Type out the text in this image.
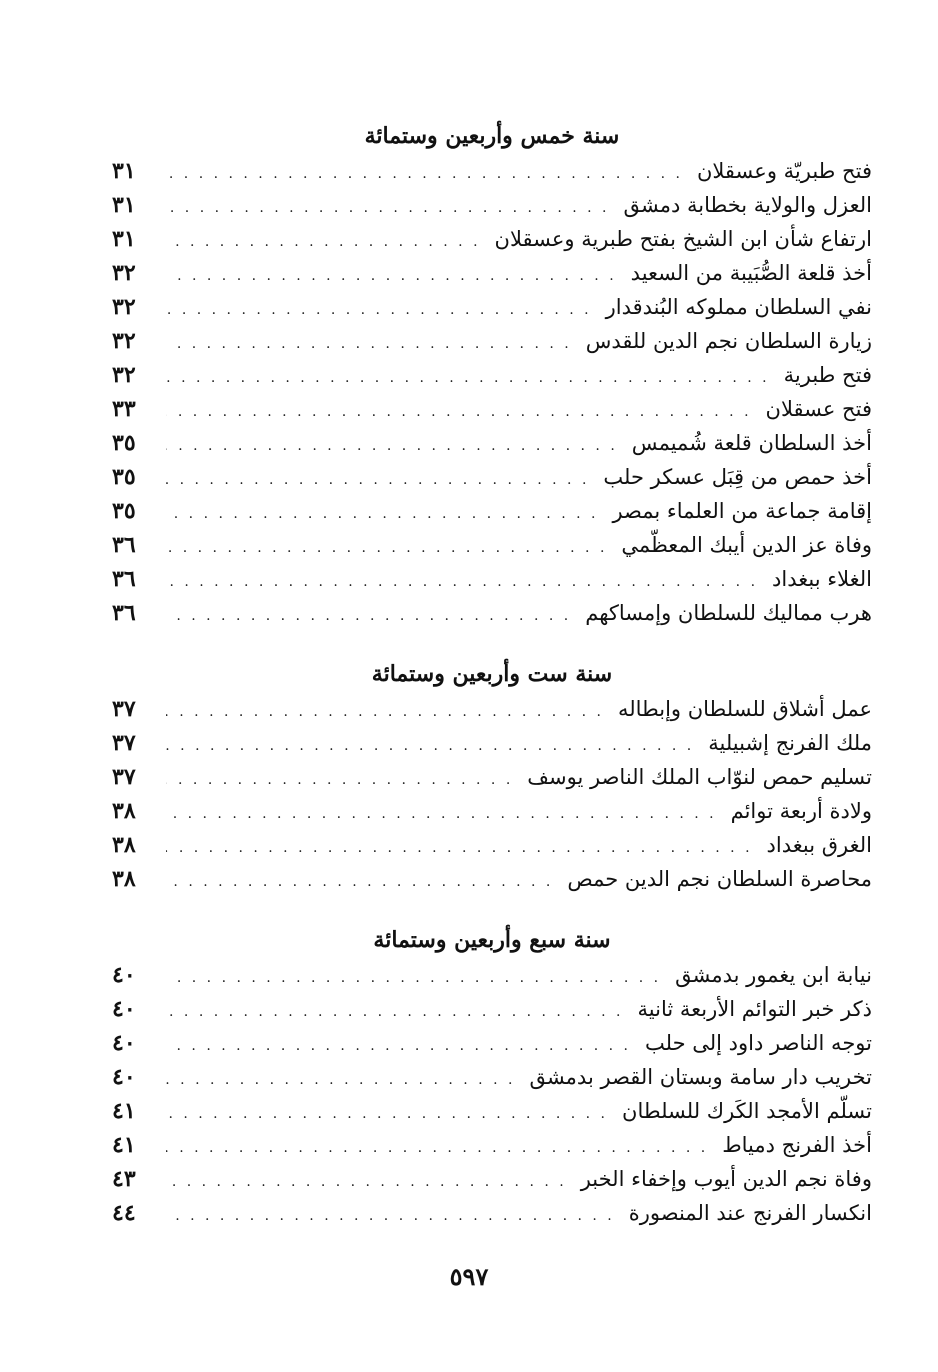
سنة خمس وأربعين وستمائة
فتح طبريّة وعسقلان
. . .
٣١
العزل والولاية بخطابة دمشق
. . .
٣١
ارتفاع شأن ابن الشيخ بفتح طبرية وعسقلان
. . .
٣١
أخذ قلعة الصُّبَيبة من السعيد
. . .
٣٢
نفي السلطان مملوكه البُندقدار
. . .
٣٢
زيارة السلطان نجم الدين للقدس
. . .
٣٢
فتح طبرية
. . .
٣٢
فتح عسقلان
. . .
٣٣
أخذ السلطان قلعة شُميمس
. . .
٣٥
أخذ حمص من قِبَل عسكر حلب
. . .
٣٥
إقامة جماعة من العلماء بمصر
. . .
٣٥
وفاة عز الدين أيبك المعظّمي
. . .
٣٦
الغلاء ببغداد
. . .
٣٦
هرب مماليك للسلطان وإمساكهم
. . .
٣٦
سنة ست وأربعين وستمائة
عمل أشلاق للسلطان وإبطاله
. . .
٣٧
ملك الفرنج إشبيلية
. . .
٣٧
تسليم حمص لنوّاب الملك الناصر يوسف
. . .
٣٧
ولادة أربعة توائم
. . .
٣٨
الغرق ببغداد
. . .
٣٨
محاصرة السلطان نجم الدين حمص
. . .
٣٨
سنة سبع وأربعين وستمائة
نيابة ابن يغمور بدمشق
. . .
٤٠
ذكر خبر التوائم الأربعة ثانية
. . .
٤٠
توجه الناصر داود إلى حلب
. . .
٤٠
تخريب دار سامة وبستان القصر بدمشق
. . .
٤٠
تسلّم الأمجد الكَرك للسلطان
. . .
٤١
أخذ الفرنج دمياط
. . .
٤١
وفاة نجم الدين أيوب وإخفاء الخبر
. . .
٤٣
انكسار الفرنج عند المنصورة
. . .
٤٤
٥٩٧
